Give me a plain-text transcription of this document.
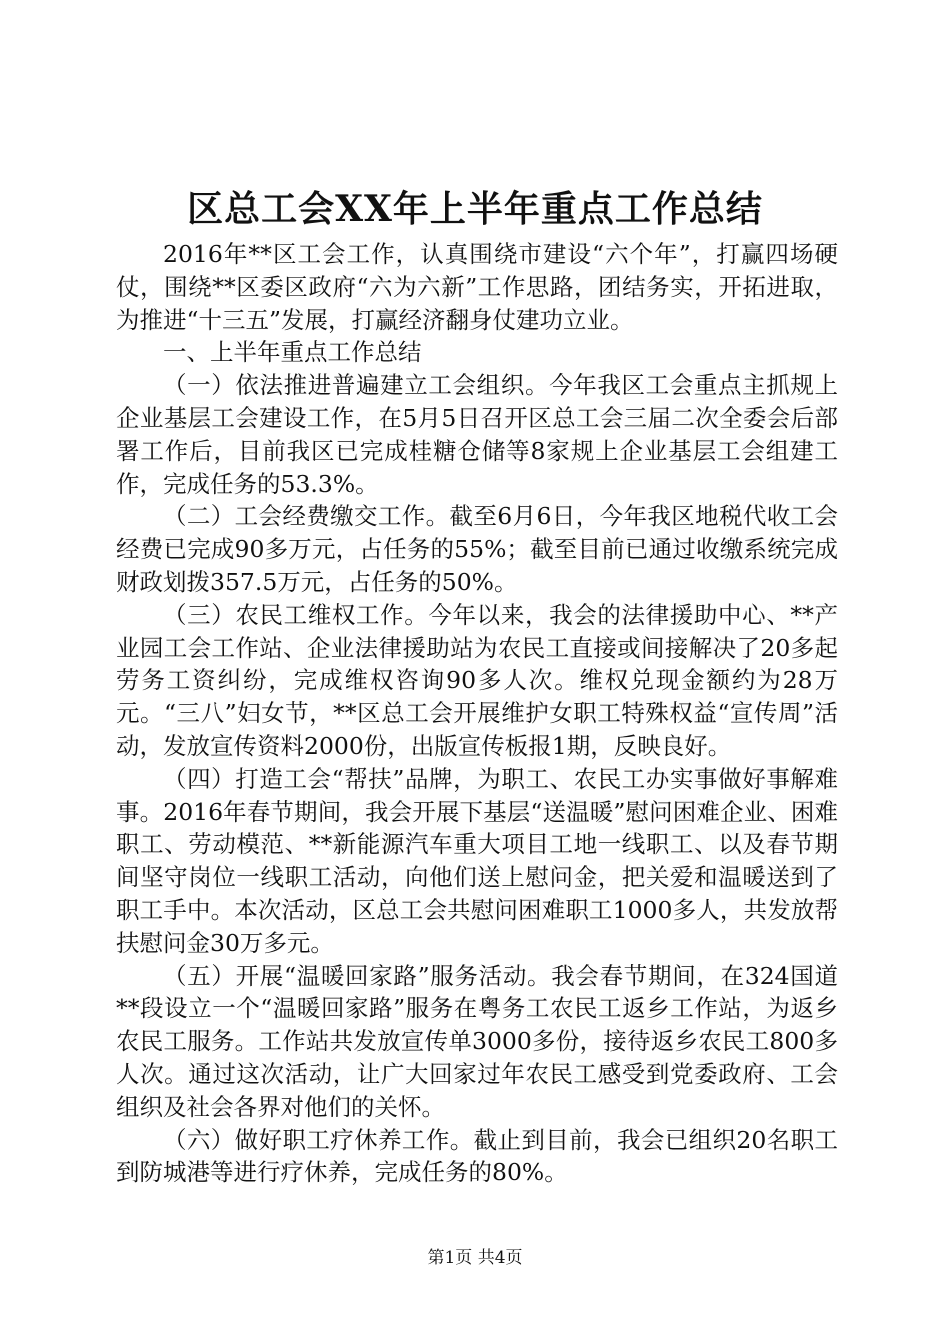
区总工会XX年上半年重点工作总结

2016年**区工会工作，认真围绕市建设“六个年”，打赢四场硬仗，围绕**区委区政府“六为六新”工作思路，团结务实，开拓进取，为推进“十三五”发展，打赢经济翻身仗建功立业。

一、上半年重点工作总结

（一）依法推进普遍建立工会组织。今年我区工会重点主抓规上企业基层工会建设工作，在5月5日召开区总工会三届二次全委会后部署工作后，目前我区已完成桂糖仓储等8家规上企业基层工会组建工作，完成任务的53.3%。

（二）工会经费缴交工作。截至6月6日，今年我区地税代收工会经费已完成90多万元，占任务的55%；截至目前已通过收缴系统完成财政划拨357.5万元，占任务的50%。

（三）农民工维权工作。今年以来，我会的法律援助中心、**产业园工会工作站、企业法律援助站为农民工直接或间接解决了20多起劳务工资纠纷，完成维权咨询90多人次。维权兑现金额约为28万元。“三八”妇女节，**区总工会开展维护女职工特殊权益“宣传周”活动，发放宣传资料2000份，出版宣传板报1期，反映良好。

（四）打造工会“帮扶”品牌，为职工、农民工办实事做好事解难事。2016年春节期间，我会开展下基层“送温暖”慰问困难企业、困难职工、劳动模范、**新能源汽车重大项目工地一线职工、以及春节期间坚守岗位一线职工活动，向他们送上慰问金，把关爱和温暖送到了职工手中。本次活动，区总工会共慰问困难职工1000多人，共发放帮扶慰问金30万多元。

（五）开展“温暖回家路”服务活动。我会春节期间，在324国道**段设立一个“温暖回家路”服务在粤务工农民工返乡工作站，为返乡农民工服务。工作站共发放宣传单3000多份，接待返乡农民工800多人次。通过这次活动，让广大回家过年农民工感受到党委政府、工会组织及社会各界对他们的关怀。

（六）做好职工疗休养工作。截止到目前，我会已组织20名职工到防城港等进行疗休养，完成任务的80%。

第1页 共4页
